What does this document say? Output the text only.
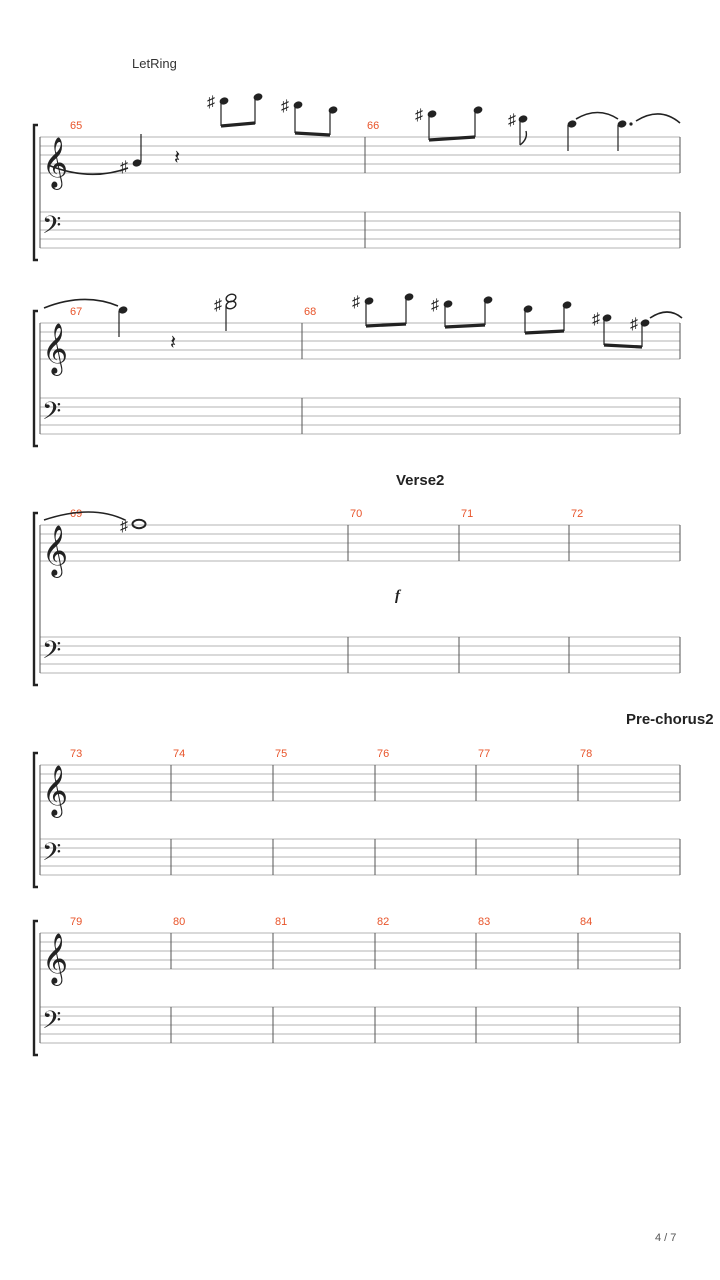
LetRing
Verse2
Pre-chorus2
f
𝄞
𝄢
65	66
𝄞
𝄢
67	68
𝄞
𝄢
69	70	71	72
𝄞
𝄢
73	74	75	76	77	78
𝄞
𝄢
79	80	81	82	83	84
♯ 𝄽
♯	♯
♯	♯
𝄽
♯	♯	♯
♯ ♯
♯
4 / 7
